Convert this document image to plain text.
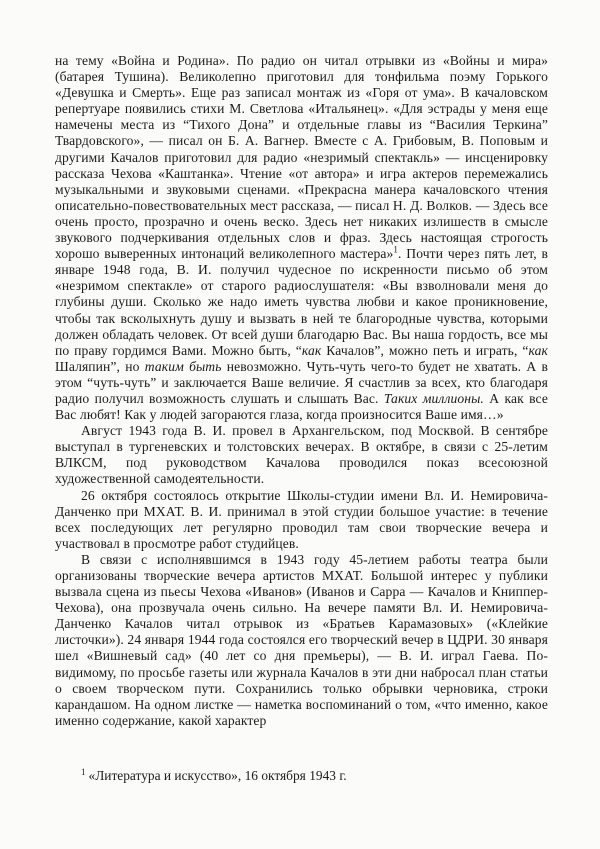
на тему «Война и Родина». По радио он читал отрывки из «Войны и мира» (батарея Тушина). Великолепно приготовил для тонфильма поэму Горького «Девушка и Смерть». Еще раз записал монтаж из «Горя от ума». В качаловском репертуаре появились стихи М. Светлова «Итальянец». «Для эстрады у меня еще намечены места из “Тихого Дона” и отдельные главы из “Василия Теркина” Твардовского», — писал он Б. А. Вагнер. Вместе с А. Грибовым, В. Поповым и другими Качалов приготовил для радио «незримый спектакль» — инсценировку рассказа Чехова «Каштанка». Чтение «от автора» и игра актеров перемежались музыкальными и звуковыми сценами. «Прекрасна манера качаловского чтения описательно-повествовательных мест рассказа, — писал Н. Д. Волков. — Здесь все очень просто, прозрачно и очень веско. Здесь нет никаких излишеств в смысле звукового подчеркивания отдельных слов и фраз. Здесь настоящая строгость хорошо выверенных интонаций великолепного мастера»$^1$. Почти через пять лет, в январе 1948 года, В. И. получил чудесное по искренности письмо об этом «незримом спектакле» от старого радиослушателя: «Вы взволновали меня до глубины души. Сколько же надо иметь чувства любви и какое проникновение, чтобы так всколыхнуть душу и вызвать в ней те благородные чувства, которыми должен обладать человек. От всей души благодарю Вас. Вы наша гордость, все мы по праву гордимся Вами. Можно быть, “как Качалов”, можно петь и играть, “как Шаляпин”, но таким быть невозможно. Чуть-чуть чего-то будет не хватать. А в этом “чуть-чуть” и заключается Ваше величие. Я счастлив за всех, кто благодаря радио получил возможность слушать и слышать Вас. Таких миллионы. А как все Вас любят! Как у людей загораются глаза, когда произносится Ваше имя…»

Август 1943 года В. И. провел в Архангельском, под Москвой. В сентябре выступал в тургеневских и толстовских вечерах. В октябре, в связи с 25-летим ВЛКСМ, под руководством Качалова проводился показ всесоюзной художественной самодеятельности.

26 октября состоялось открытие Школы-студии имени Вл. И. Немировича-Данченко при МХАТ. В. И. принимал в этой студии большое участие: в течение всех последующих лет регулярно проводил там свои творческие вечера и участвовал в просмотре работ студийцев.

В связи с исполнявшимся в 1943 году 45-летием работы театра были организованы творческие вечера артистов МХАТ. Большой интерес у публики вызвала сцена из пьесы Чехова «Иванов» (Иванов и Сарра — Качалов и Книппер-Чехова), она прозвучала очень сильно. На вечере памяти Вл. И. Немировича-Данченко Качалов читал отрывок из «Братьев Карамазовых» («Клейкие листочки»). 24 января 1944 года состоялся его творческий вечер в ЦДРИ. 30 января шел «Вишневый сад» (40 лет со дня премьеры), — В. И. играл Гаева. По-видимому, по просьбе газеты или журнала Качалов в эти дни набросал план статьи о своем творческом пути. Сохранились только обрывки черновика, строки карандашом. На одном листке — наметка воспоминаний о том, «что именно, какое именно содержание, какой характер

$^1$ «Литература и искусство», 16 октября 1943 г.
